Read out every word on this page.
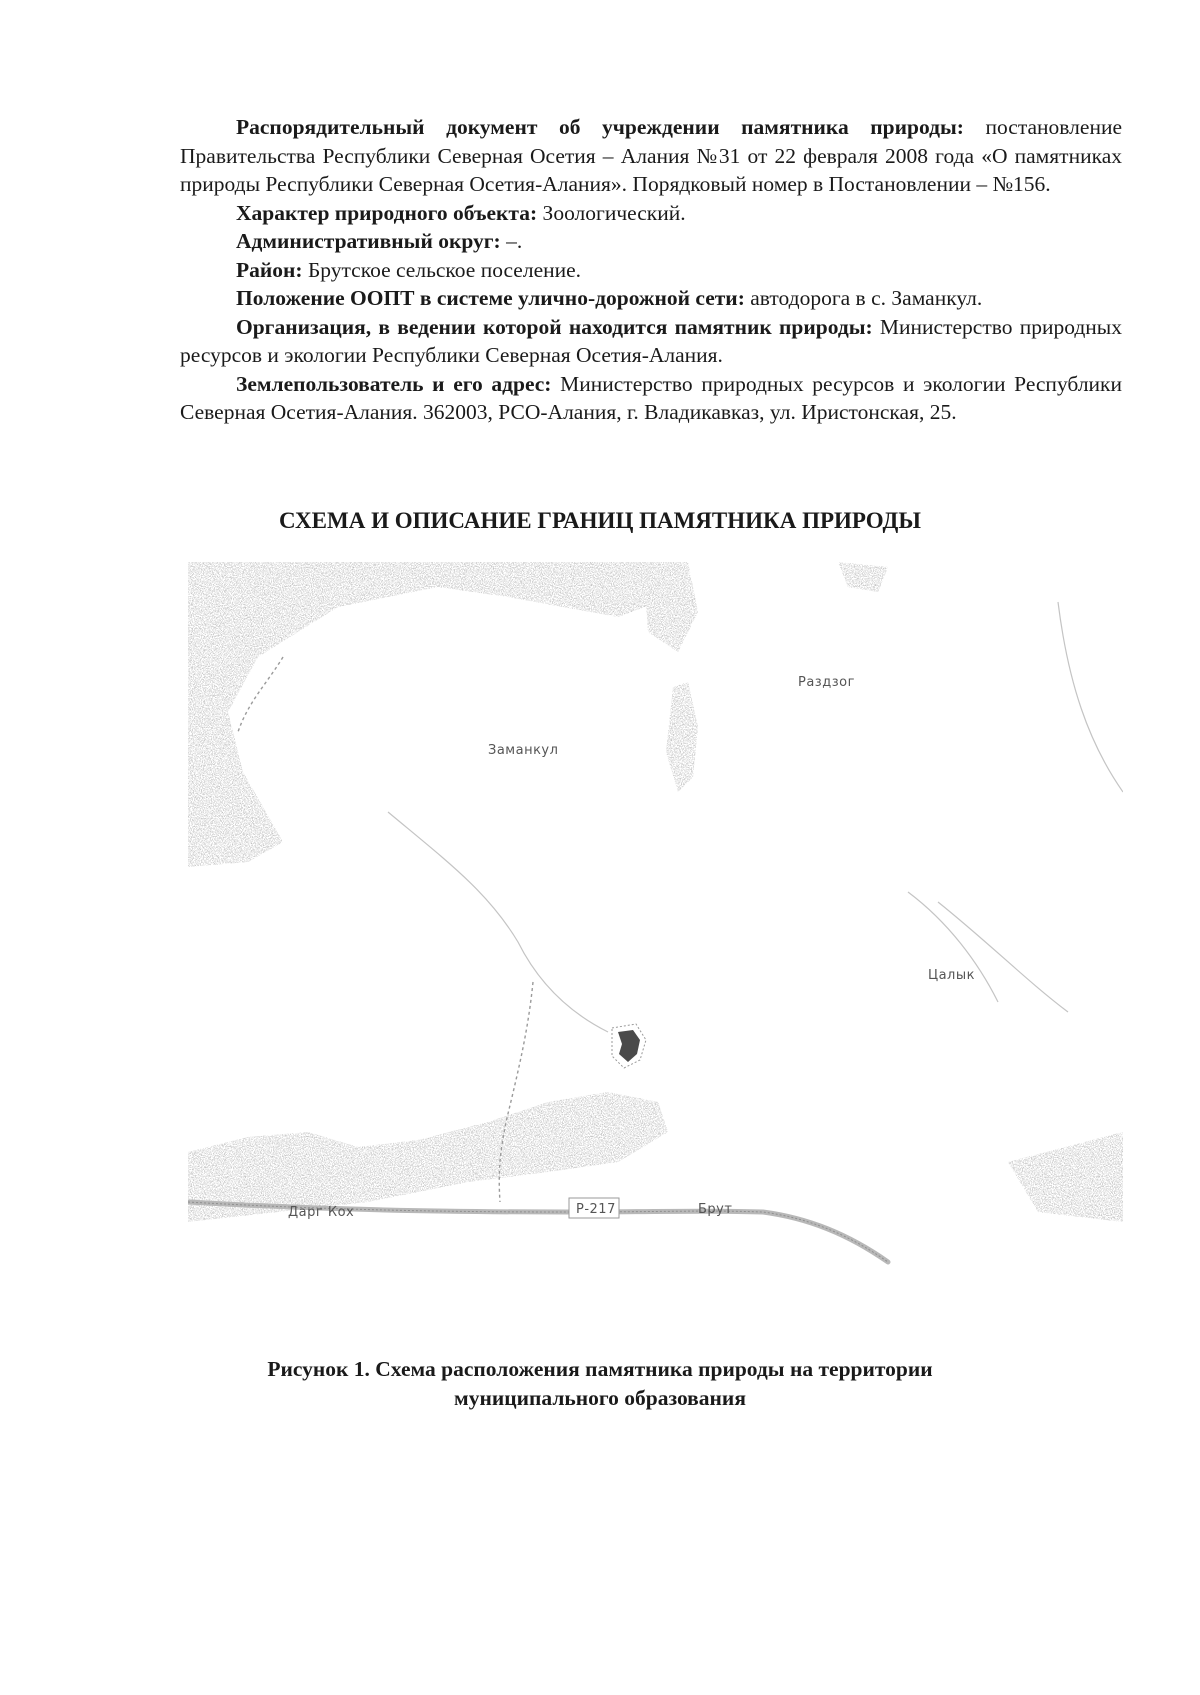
Распорядительный документ об учреждении памятника природы: постановление Правительства Республики Северная Осетия – Алания №31 от 22 февраля 2008 года «О памятниках природы Республики Северная Осетия-Алания». Порядковый номер в Постановлении – №156.

Характер природного объекта: Зоологический.

Административный округ: –.

Район: Брутское сельское поселение.

Положение ООПТ в системе улично-дорожной сети: автодорога в с. Заманкул.

Организация, в ведении которой находится памятник природы: Министерство природных ресурсов и экологии Республики Северная Осетия-Алания.

Землепользователь и его адрес: Министерство природных ресурсов и экологии Республики Северная Осетия-Алания. 362003, РСО-Алания, г. Владикавказ, ул. Иристонская, 25.

СХЕМА И ОПИСАНИЕ ГРАНИЦ ПАМЯТНИКА ПРИРОДЫ
Заманкул
Раздзог
Цалык
Дарг Кох	Р-217	Брут
Рисунок 1. Схема расположения памятника природы на территории
муниципального образования
